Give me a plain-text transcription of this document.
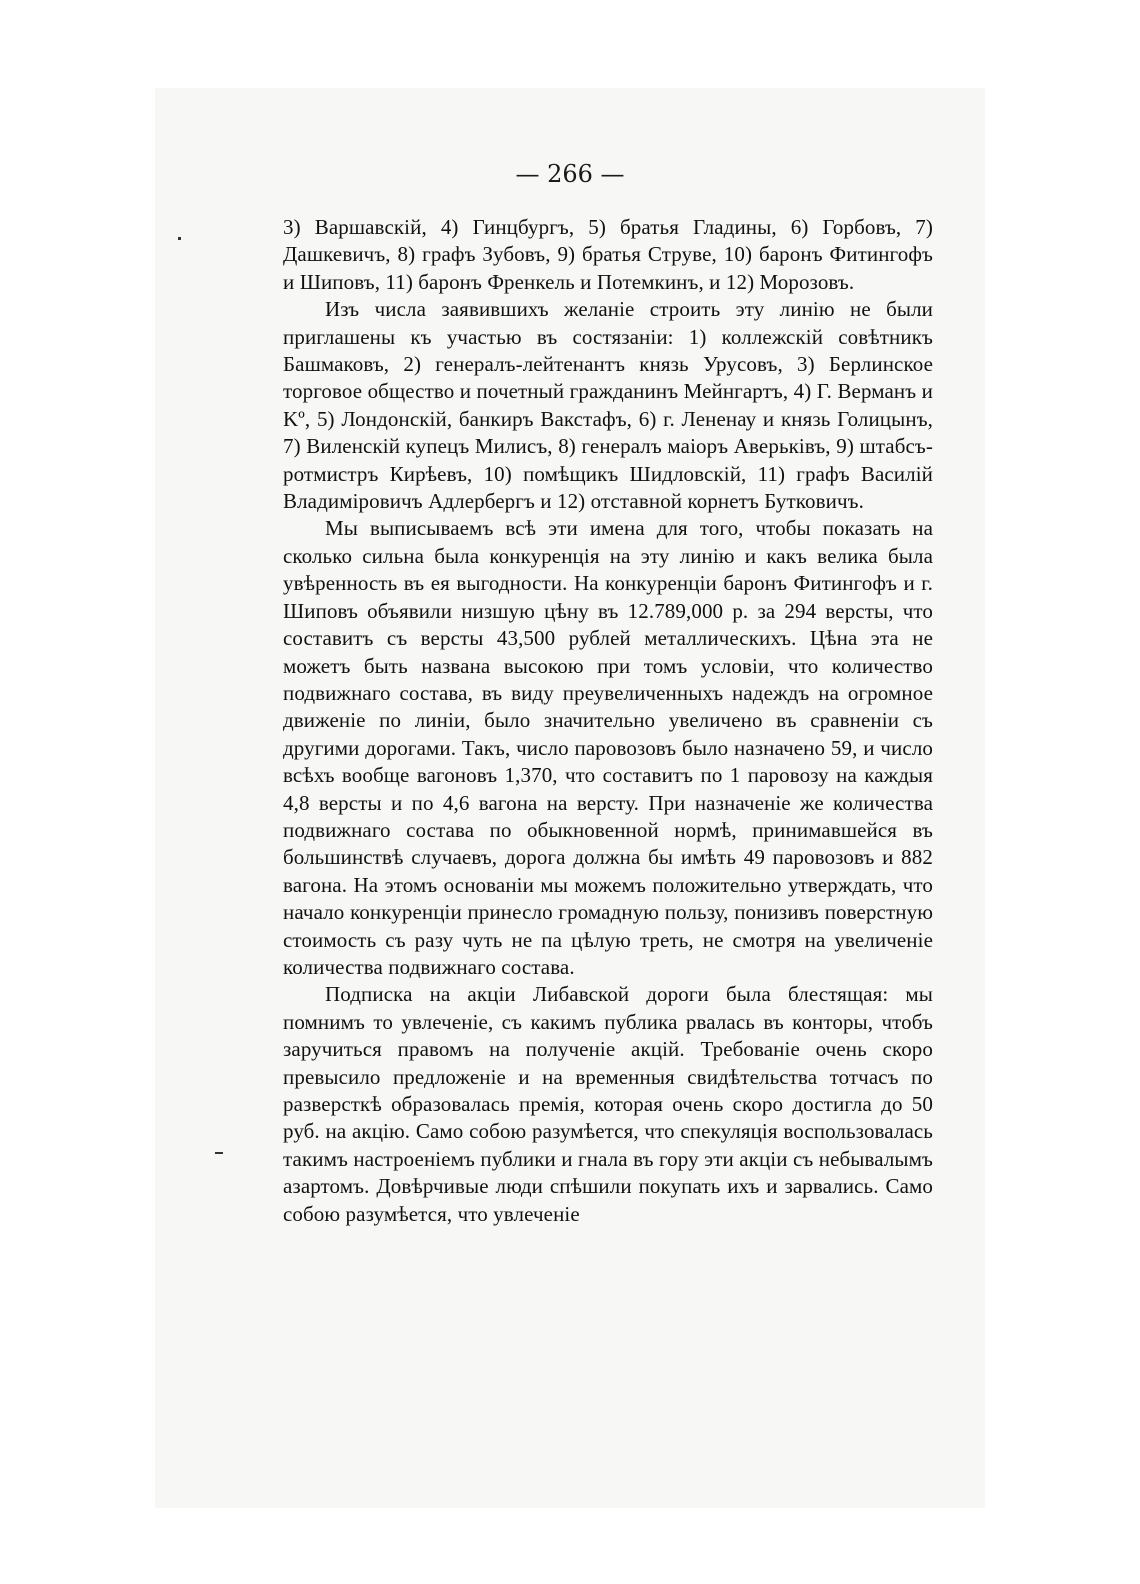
— 266 —

3) Варшавскій, 4) Гинцбургъ, 5) братья Гладины, 6) Горбовъ, 7) Дашкевичъ, 8) графъ Зубовъ, 9) братья Струве, 10) баронъ Фитингофъ и Шиповъ, 11) баронъ Френкель и Потемкинъ, и 12) Морозовъ.

Изъ числа заявившихъ желаніе строить эту линію не были приглашены къ участью въ состязаніи: 1) коллежскій совѣтникъ Башмаковъ, 2) генералъ-лейтенантъ князь Урусовъ, 3) Берлинское торговое общество и почетный гражданинъ Мейнгартъ, 4) Г. Верманъ и Kº, 5) Лондонскій, банкиръ Вакстафъ, 6) г. Лененау и князь Голицынъ, 7) Виленскій купецъ Милисъ, 8) генералъ маіоръ Аверьківъ, 9) штабсъ-ротмистръ Кирѣевъ, 10) помѣщикъ Шидловскій, 11) графъ Василій Владиміровичъ Адлербергъ и 12) отставной корнетъ Бутковичъ.

Мы выписываемъ всѣ эти имена для того, чтобы показать на сколько сильна была конкуренція на эту линію и какъ велика была увѣренность въ ея выгодности. На конкуренціи баронъ Фитингофъ и г. Шиповъ объявили низшую цѣну въ 12.789,000 р. за 294 версты, что составитъ съ версты 43,500 рублей металлическихъ. Цѣна эта не можетъ быть названа высокою при томъ условіи, что количество подвижнаго состава, въ виду преувеличенныхъ надеждъ на огромное движеніе по линіи, было значительно увеличено въ сравненіи съ другими дорогами. Такъ, число паровозовъ было назначено 59, и число всѣхъ вообще вагоновъ 1,370, что составитъ по 1 паровозу на каждыя 4,8 версты и по 4,6 вагона на версту. При назначеніе же количества подвижнаго состава по обыкновенной нормѣ, принимавшейся въ большинствѣ случаевъ, дорога должна бы имѣть 49 паровозовъ и 882 вагона. На этомъ основаніи мы можемъ положительно утверждать, что начало конкуренціи принесло громадную пользу, понизивъ поверстную стоимость съ разу чуть не па цѣлую треть, не смотря на увеличеніе количества подвижнаго состава.

Подписка на акціи Либавской дороги была блестящая: мы помнимъ то увлеченіе, съ какимъ публика рвалась въ конторы, чтобъ заручиться правомъ на полученіе акцій. Требованіе очень скоро превысило предложеніе и на временныя свидѣтельства тотчасъ по разверсткѣ образовалась премія, которая очень скоро достигла до 50 руб. на акцію. Само собою разумѣется, что спекуляція воспользовалась такимъ настроеніемъ публики и гнала въ гору эти акціи съ небывалымъ азартомъ. Довѣрчивые люди спѣшили покупать ихъ и зарвались. Само собою разумѣется, что увлеченіе
